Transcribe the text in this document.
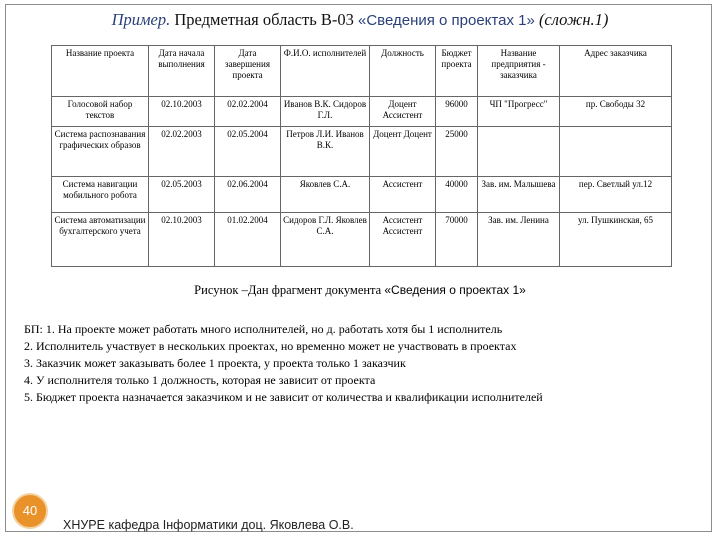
Пример. Предметная область B-03 «Сведения о проектах 1» (сложн.1)
Название проекта	Дата начала выполнения	Дата завершения проекта	Ф.И.О. исполнителей	Должность	Бюджет проекта	Название предприятия - заказчика	Адрес заказчика
Голосовой набор текстов	02.10.2003	02.02.2004	Иванов В.К. Сидоров Г.Л.	Доцент Ассистент	96000	ЧП "Прогресс"	пр. Свободы 32
Система распознавания графических образов	02.02.2003	02.05.2004	Петров Л.И. Иванов В.К.	Доцент Доцент	25000		
Система навигации мобильного робота	02.05.2003	02.06.2004	Яковлев С.А.	Ассистент	40000	Зав. им. Малышева	пер. Светлый ул.12
Система автоматизации бухгалтерского учета	02.10.2003	01.02.2004	Сидоров Г.Л. Яковлев С.А.	Ассистент Ассистент	70000	Зав. им. Ленина	ул. Пушкинская, 65
Рисунок –Дан фрагмент документа «Сведения о проектах 1»
БП: 1. На проекте может работать много исполнителей, но д. работать хотя бы 1 исполнитель
2. Исполнитель участвует в нескольких проектах, но временно может не участвовать в проектах
3. Заказчик может заказывать более 1 проекта, у проекта только 1 заказчик
4. У исполнителя только 1 должность, которая не зависит от проекта
5. Бюджет проекта назначается заказчиком и не зависит от количества и квалификации исполнителей
40
ХНУРЕ кафедра Інформатики доц. Яковлева О.В.
